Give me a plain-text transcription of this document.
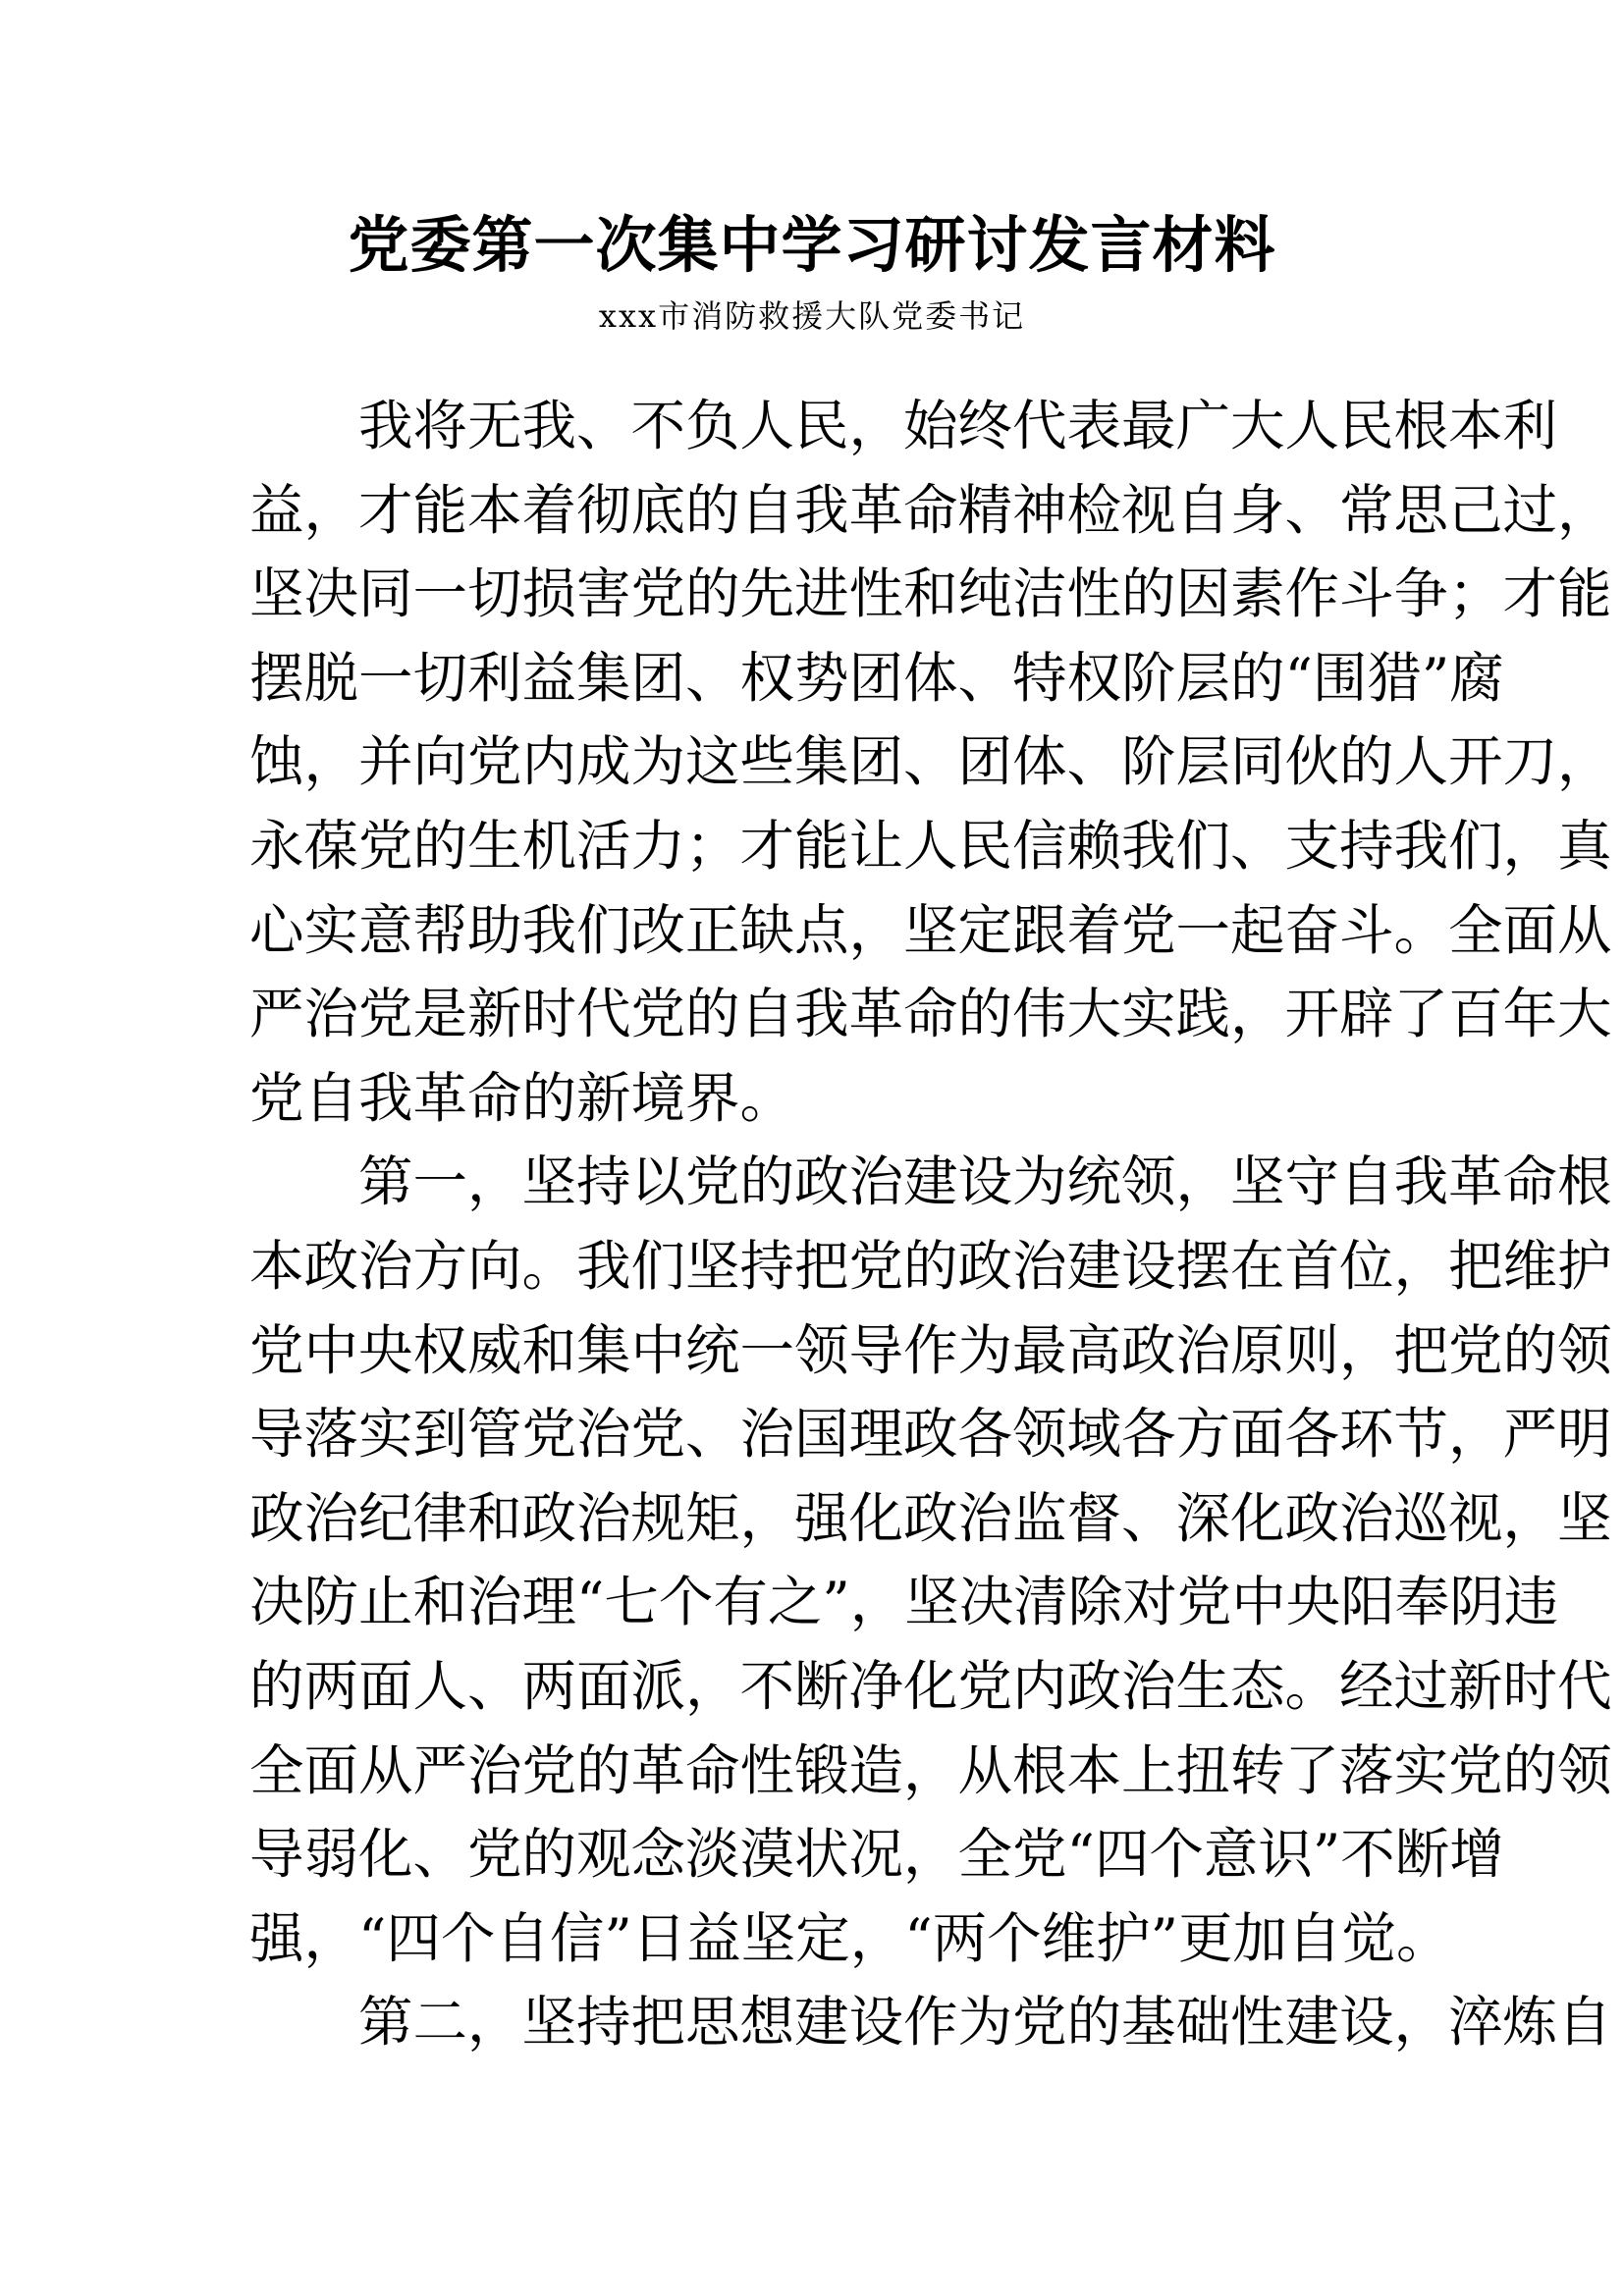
党委第一次集中学习研讨发言材料
xxx市消防救援大队党委书记
我将无我、不负人民，始终代表最广大人民根本利
益，才能本着彻底的自我革命精神检视自身、常思己过，
坚决同一切损害党的先进性和纯洁性的因素作斗争；才能
摆脱一切利益集团、权势团体、特权阶层的“围猎”腐
蚀，并向党内成为这些集团、团体、阶层同伙的人开刀，
永葆党的生机活力；才能让人民信赖我们、支持我们，真
心实意帮助我们改正缺点，坚定跟着党一起奋斗。全面从
严治党是新时代党的自我革命的伟大实践，开辟了百年大
党自我革命的新境界。
第一，坚持以党的政治建设为统领，坚守自我革命根
本政治方向。我们坚持把党的政治建设摆在首位，把维护
党中央权威和集中统一领导作为最高政治原则，把党的领
导落实到管党治党、治国理政各领域各方面各环节，严明
政治纪律和政治规矩，强化政治监督、深化政治巡视，坚
决防止和治理“七个有之”，坚决清除对党中央阳奉阴违
的两面人、两面派，不断净化党内政治生态。经过新时代
全面从严治党的革命性锻造，从根本上扭转了落实党的领
导弱化、党的观念淡漠状况，全党“四个意识”不断增
强，“四个自信”日益坚定，“两个维护”更加自觉。
第二，坚持把思想建设作为党的基础性建设，淬炼自
